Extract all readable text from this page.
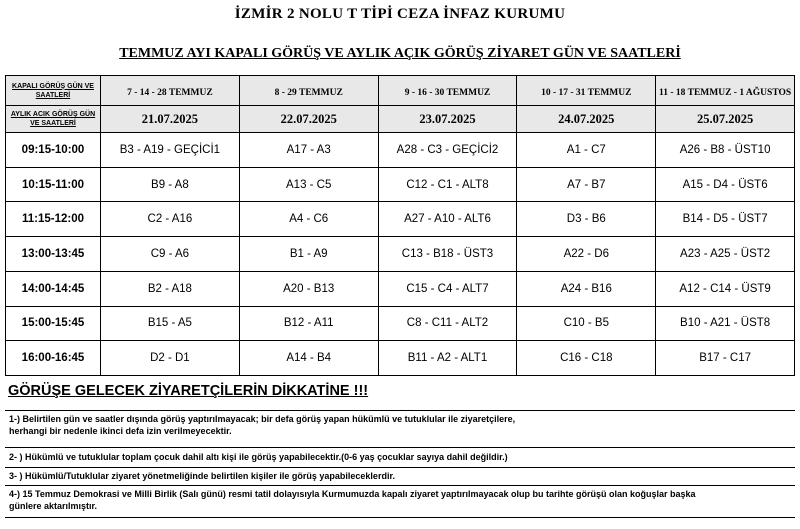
İZMİR 2 NOLU T TİPİ CEZA İNFAZ KURUMU
TEMMUZ AYI KAPALI GÖRÜŞ VE AYLIK AÇIK GÖRÜŞ ZİYARET GÜN VE SAATLERİ
KAPALI GÖRÜŞ GÜN VE SAATLERİ	7 - 14 - 28 TEMMUZ	8 - 29 TEMMUZ	9 - 16 - 30 TEMMUZ	10 - 17 - 31 TEMMUZ	11 - 18 TEMMUZ - 1 AĞUSTOS

AYLIK ACIK GÖRÜŞ GÜN VE SAATLERİ	21.07.2025	22.07.2025	23.07.2025	24.07.2025	25.07.2025
09:15-10:00	B3 - A19 - GEÇİCİ1	A17 - A3	A28 - C3 - GEÇİCİ2	A1 - C7	A26 - B8 - ÜST10
10:15-11:00	B9 - A8	A13 - C5	C12 - C1 - ALT8	A7 - B7	A15 - D4 - ÜST6
11:15-12:00	C2 - A16	A4 - C6	A27 - A10 - ALT6	D3 - B6	B14 - D5 - ÜST7
13:00-13:45	C9 - A6	B1 - A9	C13 - B18 - ÜST3	A22 - D6	A23 - A25 - ÜST2
14:00-14:45	B2 - A18	A20 - B13	C15 - C4 - ALT7	A24 - B16	A12 - C14 - ÜST9
15:00-15:45	B15 - A5	B12 - A11	C8 - C11 - ALT2	C10 - B5	B10 - A21 - ÜST8
16:00-16:45	D2 - D1	A14 - B4	B11 - A2 - ALT1	C16 - C18	B17 - C17
GÖRÜŞE GELECEK ZİYARETÇİLERİN DİKKATİNE !!!
1-) Belirtilen gün ve saatler dışında görüş yaptırılmayacak; bir defa görüş yapan hükümlü ve tutuklular ile ziyaretçilere,
herhangi bir nedenle ikinci defa izin verilmeyecektir.
2- ) Hükümlü ve tutuklular toplam çocuk dahil altı kişi ile görüş yapabilecektir.(0-6 yaş çocuklar sayıya dahil değildir.)
3- ) Hükümlü/Tutuklular ziyaret yönetmeliğinde belirtilen kişiler ile görüş yapabileceklerdir.
4-) 15 Temmuz Demokrasi ve Milli Birlik (Salı günü) resmi tatil dolayısıyla Kurmumuzda kapalı ziyaret yaptırılmayacak olup bu tarihte görüşü olan koğuşlar başka
günlere aktarılmıştır.
